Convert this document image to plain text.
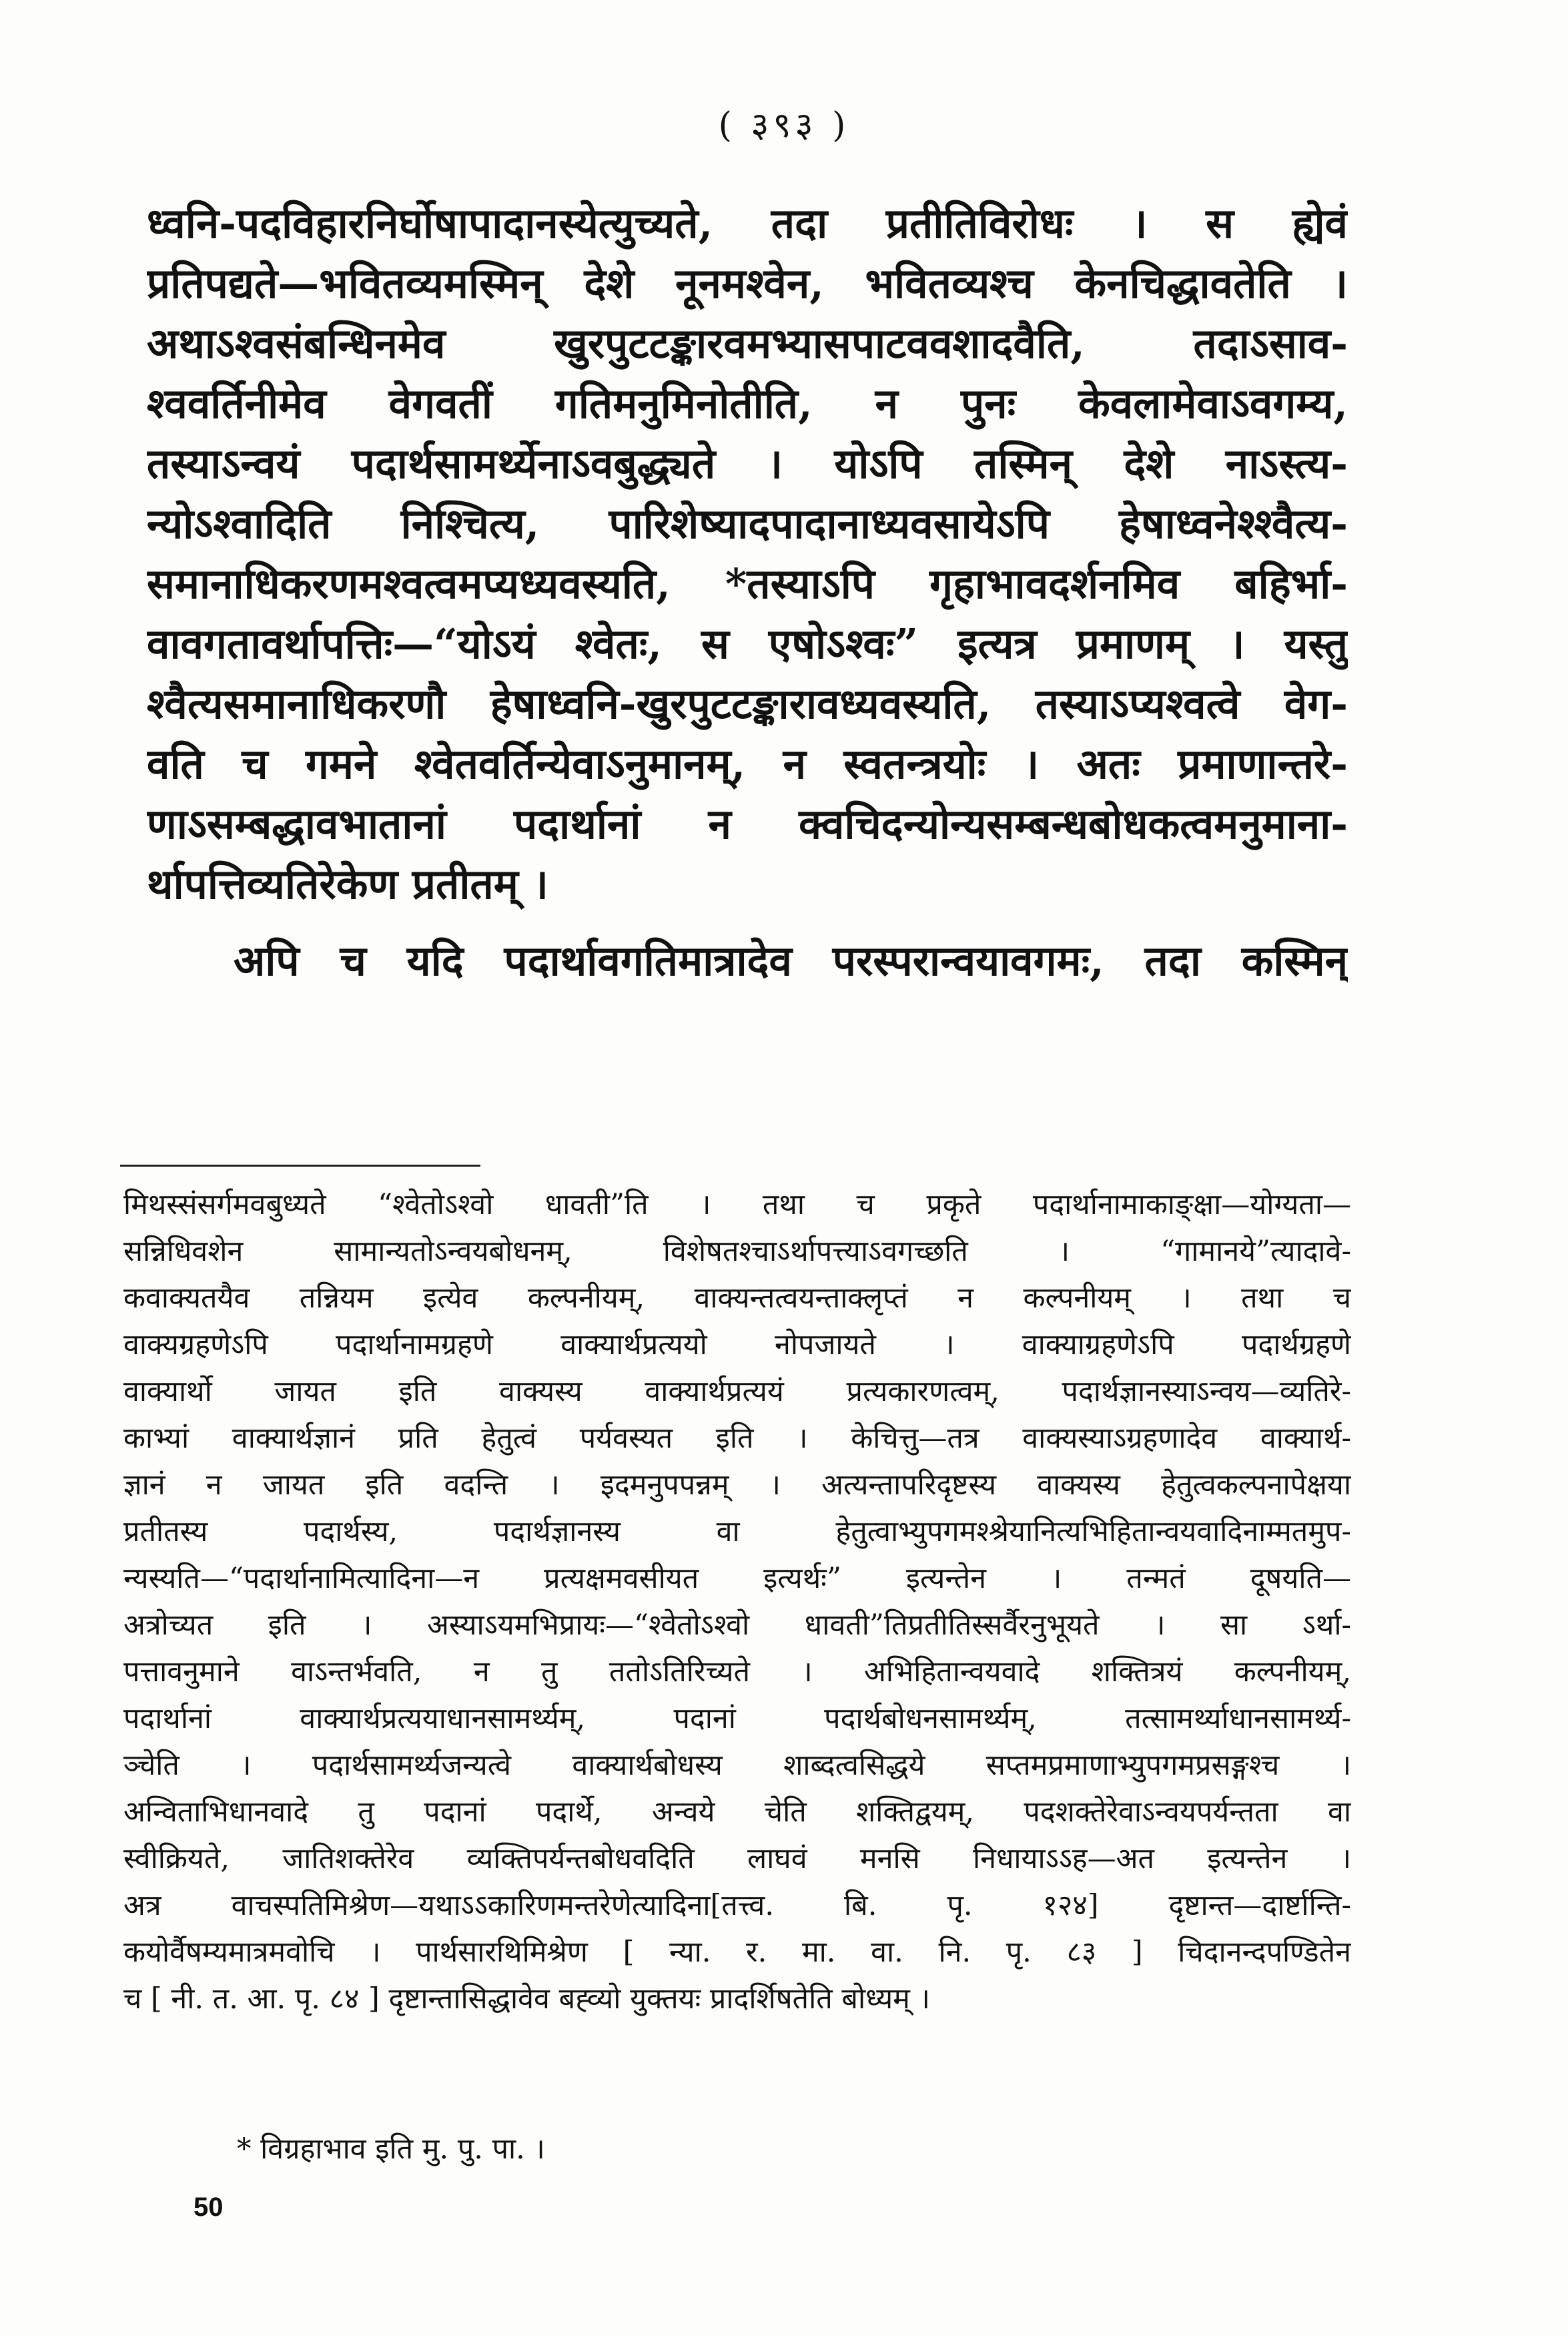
( ३९३ )
ध्वनि-पदविहारनिर्घोषापादानस्येत्युच्यते, तदा प्रतीतिविरोधः । स ह्येवं
प्रतिपद्यते—भवितव्यमस्मिन् देशे नूनमश्वेन, भवितव्यश्च केनचिद्धावतेति ।
अथाऽश्वसंबन्धिनमेव खुरपुटटङ्कारवमभ्यासपाटववशादवैति, तदाऽसाव-
श्ववर्तिनीमेव वेगवतीं गतिमनुमिनोतीति, न पुनः केवलामेवाऽवगम्य,
तस्याऽन्वयं पदार्थसामर्थ्येनाऽवबुद्ध्यते । योऽपि तस्मिन् देशे नाऽस्त्य-
न्योऽश्वादिति निश्चित्य, पारिशेष्यादपादानाध्यवसायेऽपि हेषाध्वनेश्श्वैत्य-
समानाधिकरणमश्वत्वमप्यध्यवस्यति, *तस्याऽपि गृहाभावदर्शनमिव बहिर्भा-
वावगतावर्थापत्तिः—“योऽयं श्वेतः, स एषोऽश्वः” इत्यत्र प्रमाणम् । यस्तु
श्वैत्यसमानाधिकरणौ हेषाध्वनि-खुरपुटटङ्कारावध्यवस्यति, तस्याऽप्यश्वत्वे वेग-
वति च गमने श्वेतवर्तिन्येवाऽनुमानम्, न स्वतन्त्रयोः । अतः प्रमाणान्तरे-
णाऽसम्बद्धावभातानां पदार्थानां न क्वचिदन्योन्यसम्बन्धबोधकत्वमनुमाना-
र्थापत्तिव्यतिरेकेण प्रतीतम् ।
अपि च यदि पदार्थावगतिमात्रादेव परस्परान्वयावगमः, तदा कस्मिन्
मिथस्संसर्गमवबुध्यते “श्वेतोऽश्वो धावती”ति । तथा च प्रकृते पदार्थानामाकाङ्क्षा—योग्यता—
सन्निधिवशेन सामान्यतोऽन्वयबोधनम्, विशेषतश्चाऽर्थापत्त्याऽवगच्छति । “गामानये”त्यादावे-
कवाक्यतयैव तन्नियम इत्येव कल्पनीयम्, वाक्यन्तत्वयन्ताक्लृप्तं न कल्पनीयम् । तथा च
वाक्यग्रहणेऽपि पदार्थानामग्रहणे वाक्यार्थप्रत्ययो नोपजायते । वाक्याग्रहणेऽपि पदार्थग्रहणे
वाक्यार्थो जायत इति वाक्यस्य वाक्यार्थप्रत्ययं प्रत्यकारणत्वम्, पदार्थज्ञानस्याऽन्वय—व्यतिरे-
काभ्यां वाक्यार्थज्ञानं प्रति हेतुत्वं पर्यवस्यत इति । केचित्तु—तत्र वाक्यस्याऽग्रहणादेव वाक्यार्थ-
ज्ञानं न जायत इति वदन्ति । इदमनुपपन्नम् । अत्यन्तापरिदृष्टस्य वाक्यस्य हेतुत्वकल्पनापेक्षया
प्रतीतस्य पदार्थस्य, पदार्थज्ञानस्य वा हेतुत्वाभ्युपगमश्श्रेयानित्यभिहितान्वयवादिनाम्मतमुप-
न्यस्यति—“पदार्थानामित्यादिना—न प्रत्यक्षमवसीयत इत्यर्थः” इत्यन्तेन । तन्मतं दूषयति—
अत्रोच्यत इति । अस्याऽयमभिप्रायः—“श्वेतोऽश्वो धावती”तिप्रतीतिस्सर्वैरनुभूयते । सा ऽर्था-
पत्तावनुमाने वाऽन्तर्भवति, न तु ततोऽतिरिच्यते । अभिहितान्वयवादे शक्तित्रयं कल्पनीयम्,
पदार्थानां वाक्यार्थप्रत्ययाधानसामर्थ्यम्, पदानां पदार्थबोधनसामर्थ्यम्, तत्सामर्थ्याधानसामर्थ्य-
ञ्चेति । पदार्थसामर्थ्यजन्यत्वे वाक्यार्थबोधस्य शाब्दत्वसिद्धये सप्तमप्रमाणाभ्युपगमप्रसङ्गश्च ।
अन्विताभिधानवादे तु पदानां पदार्थे, अन्वये चेति शक्तिद्वयम्, पदशक्तेरेवाऽन्वयपर्यन्तता वा
स्वीक्रियते, जातिशक्तेरेव व्यक्तिपर्यन्तबोधवदिति लाघवं मनसि निधायाऽऽह—अत इत्यन्तेन ।
अत्र वाचस्पतिमिश्रेण—यथाऽऽकारिणमन्तरेणेत्यादिना[तत्त्व. बि. पृ. १२४] दृष्टान्त—दार्ष्टान्ति-
कयोर्वैषम्यमात्रमवोचि । पार्थसारथिमिश्रेण [ न्या. र. मा. वा. नि. पृ. ८३ ] चिदानन्दपण्डितेन
च [ नी. त. आ. पृ. ८४ ] दृष्टान्तासिद्धावेव बह्व्यो युक्तयः प्रादर्शिषतेति बोध्यम् ।
* विग्रहाभाव इति मु. पु. पा. ।
50
